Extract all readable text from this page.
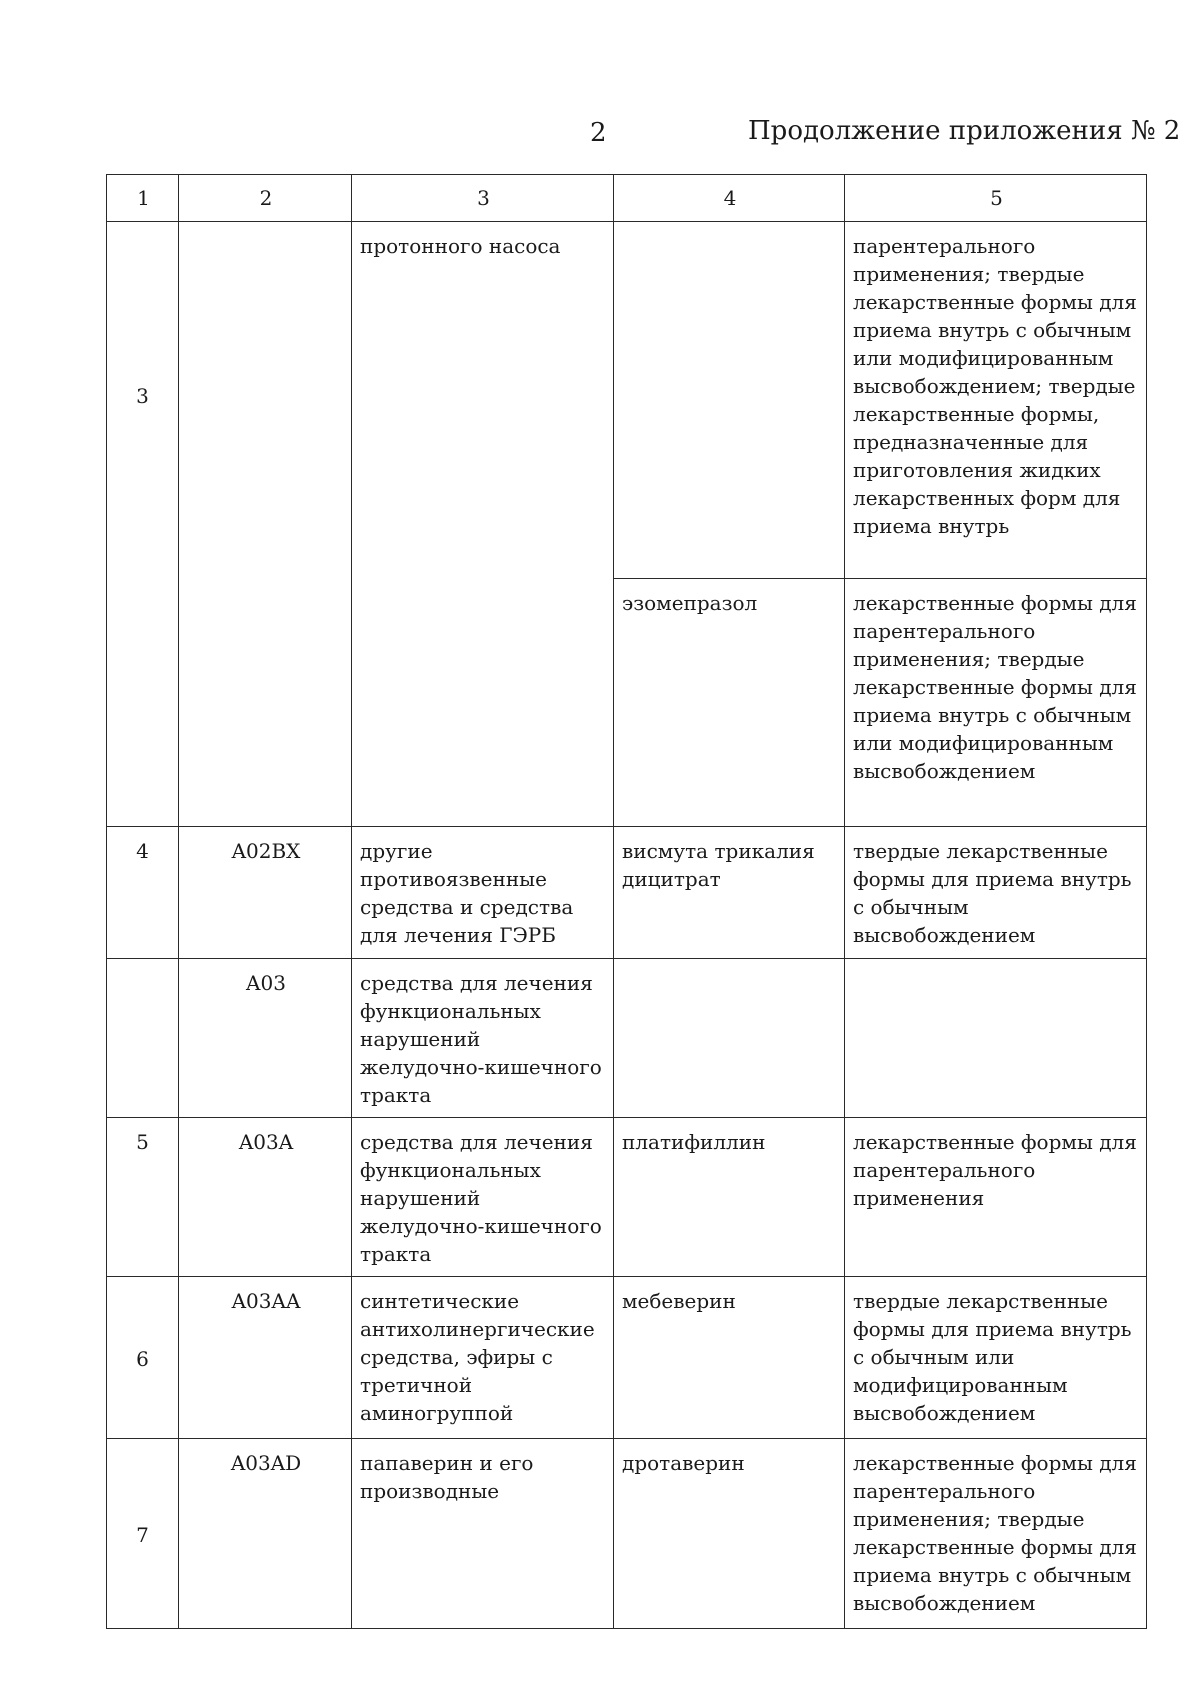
2	Продолжение приложения № 2
1	2	3	4	5
3		протонного насоса		парентерального применения; твердые лекарственные формы для приема внутрь с обычным или модифицированным высвобождением; твердые лекарственные формы, предназначенные для приготовления жидких лекарственных форм для приема внутрь
			эзомепразол	лекарственные формы для парентерального применения; твердые лекарственные формы для приема внутрь с обычным или модифицированным высвобождением
4	A02BX	другие противоязвенные средства и средства для лечения ГЭРБ	висмута трикалия дицитрат	твердые лекарственные формы для приема внутрь с обычным высвобождением
	A03	средства для лечения функциональных нарушений желудочно-кишечного тракта		
5	A03A	средства для лечения функциональных нарушений желудочно-кишечного тракта	платифиллин	лекарственные формы для парентерального применения
6	A03AA	синтетические антихолинергические средства, эфиры с третичной аминогруппой	мебеверин	твердые лекарственные формы для приема внутрь с обычным или модифицированным высвобождением
7	A03AD	папаверин и его производные	дротаверин	лекарственные формы для парентерального применения; твердые лекарственные формы для приема внутрь с обычным высвобождением
